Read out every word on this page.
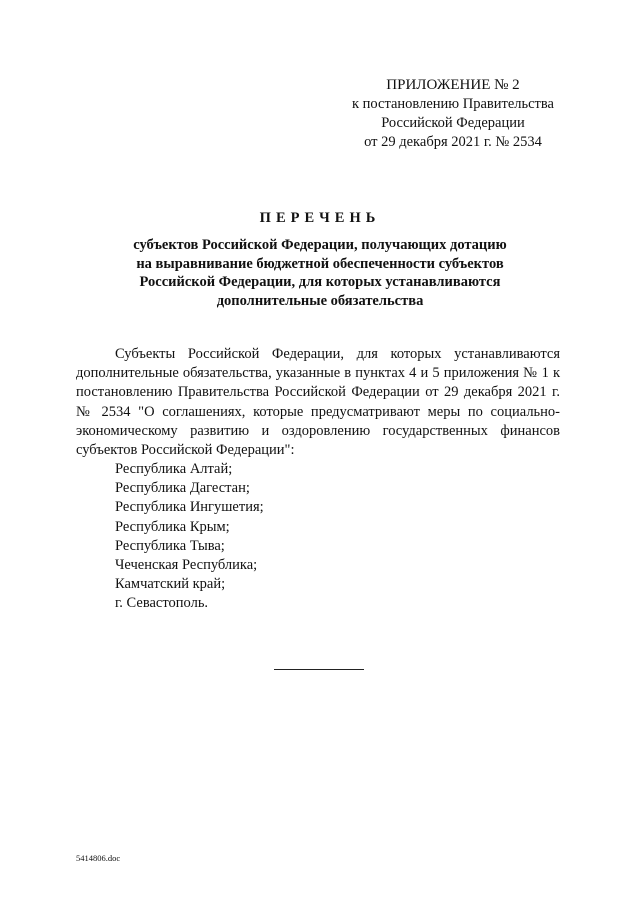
ПРИЛОЖЕНИЕ № 2
к постановлению Правительства
Российской Федерации
от 29 декабря 2021 г. № 2534
ПЕРЕЧЕНЬ
субъектов Российской Федерации, получающих дотацию
на выравнивание бюджетной обеспеченности субъектов
Российской Федерации, для которых устанавливаются
дополнительные обязательства

Субъекты Российской Федерации, для которых устанавливаются дополнительные обязательства, указанные в пунктах 4 и 5 приложения № 1 к постановлению Правительства Российской Федерации от 29 декабря 2021 г. № 2534 "О соглашениях, которые предусматривают меры по социально-экономическому развитию и оздоровлению государственных финансов субъектов Российской Федерации":

Республика Алтай;
Республика Дагестан;
Республика Ингушетия;
Республика Крым;
Республика Тыва;
Чеченская Республика;
Камчатский край;
г. Севастополь.
5414806.doc
